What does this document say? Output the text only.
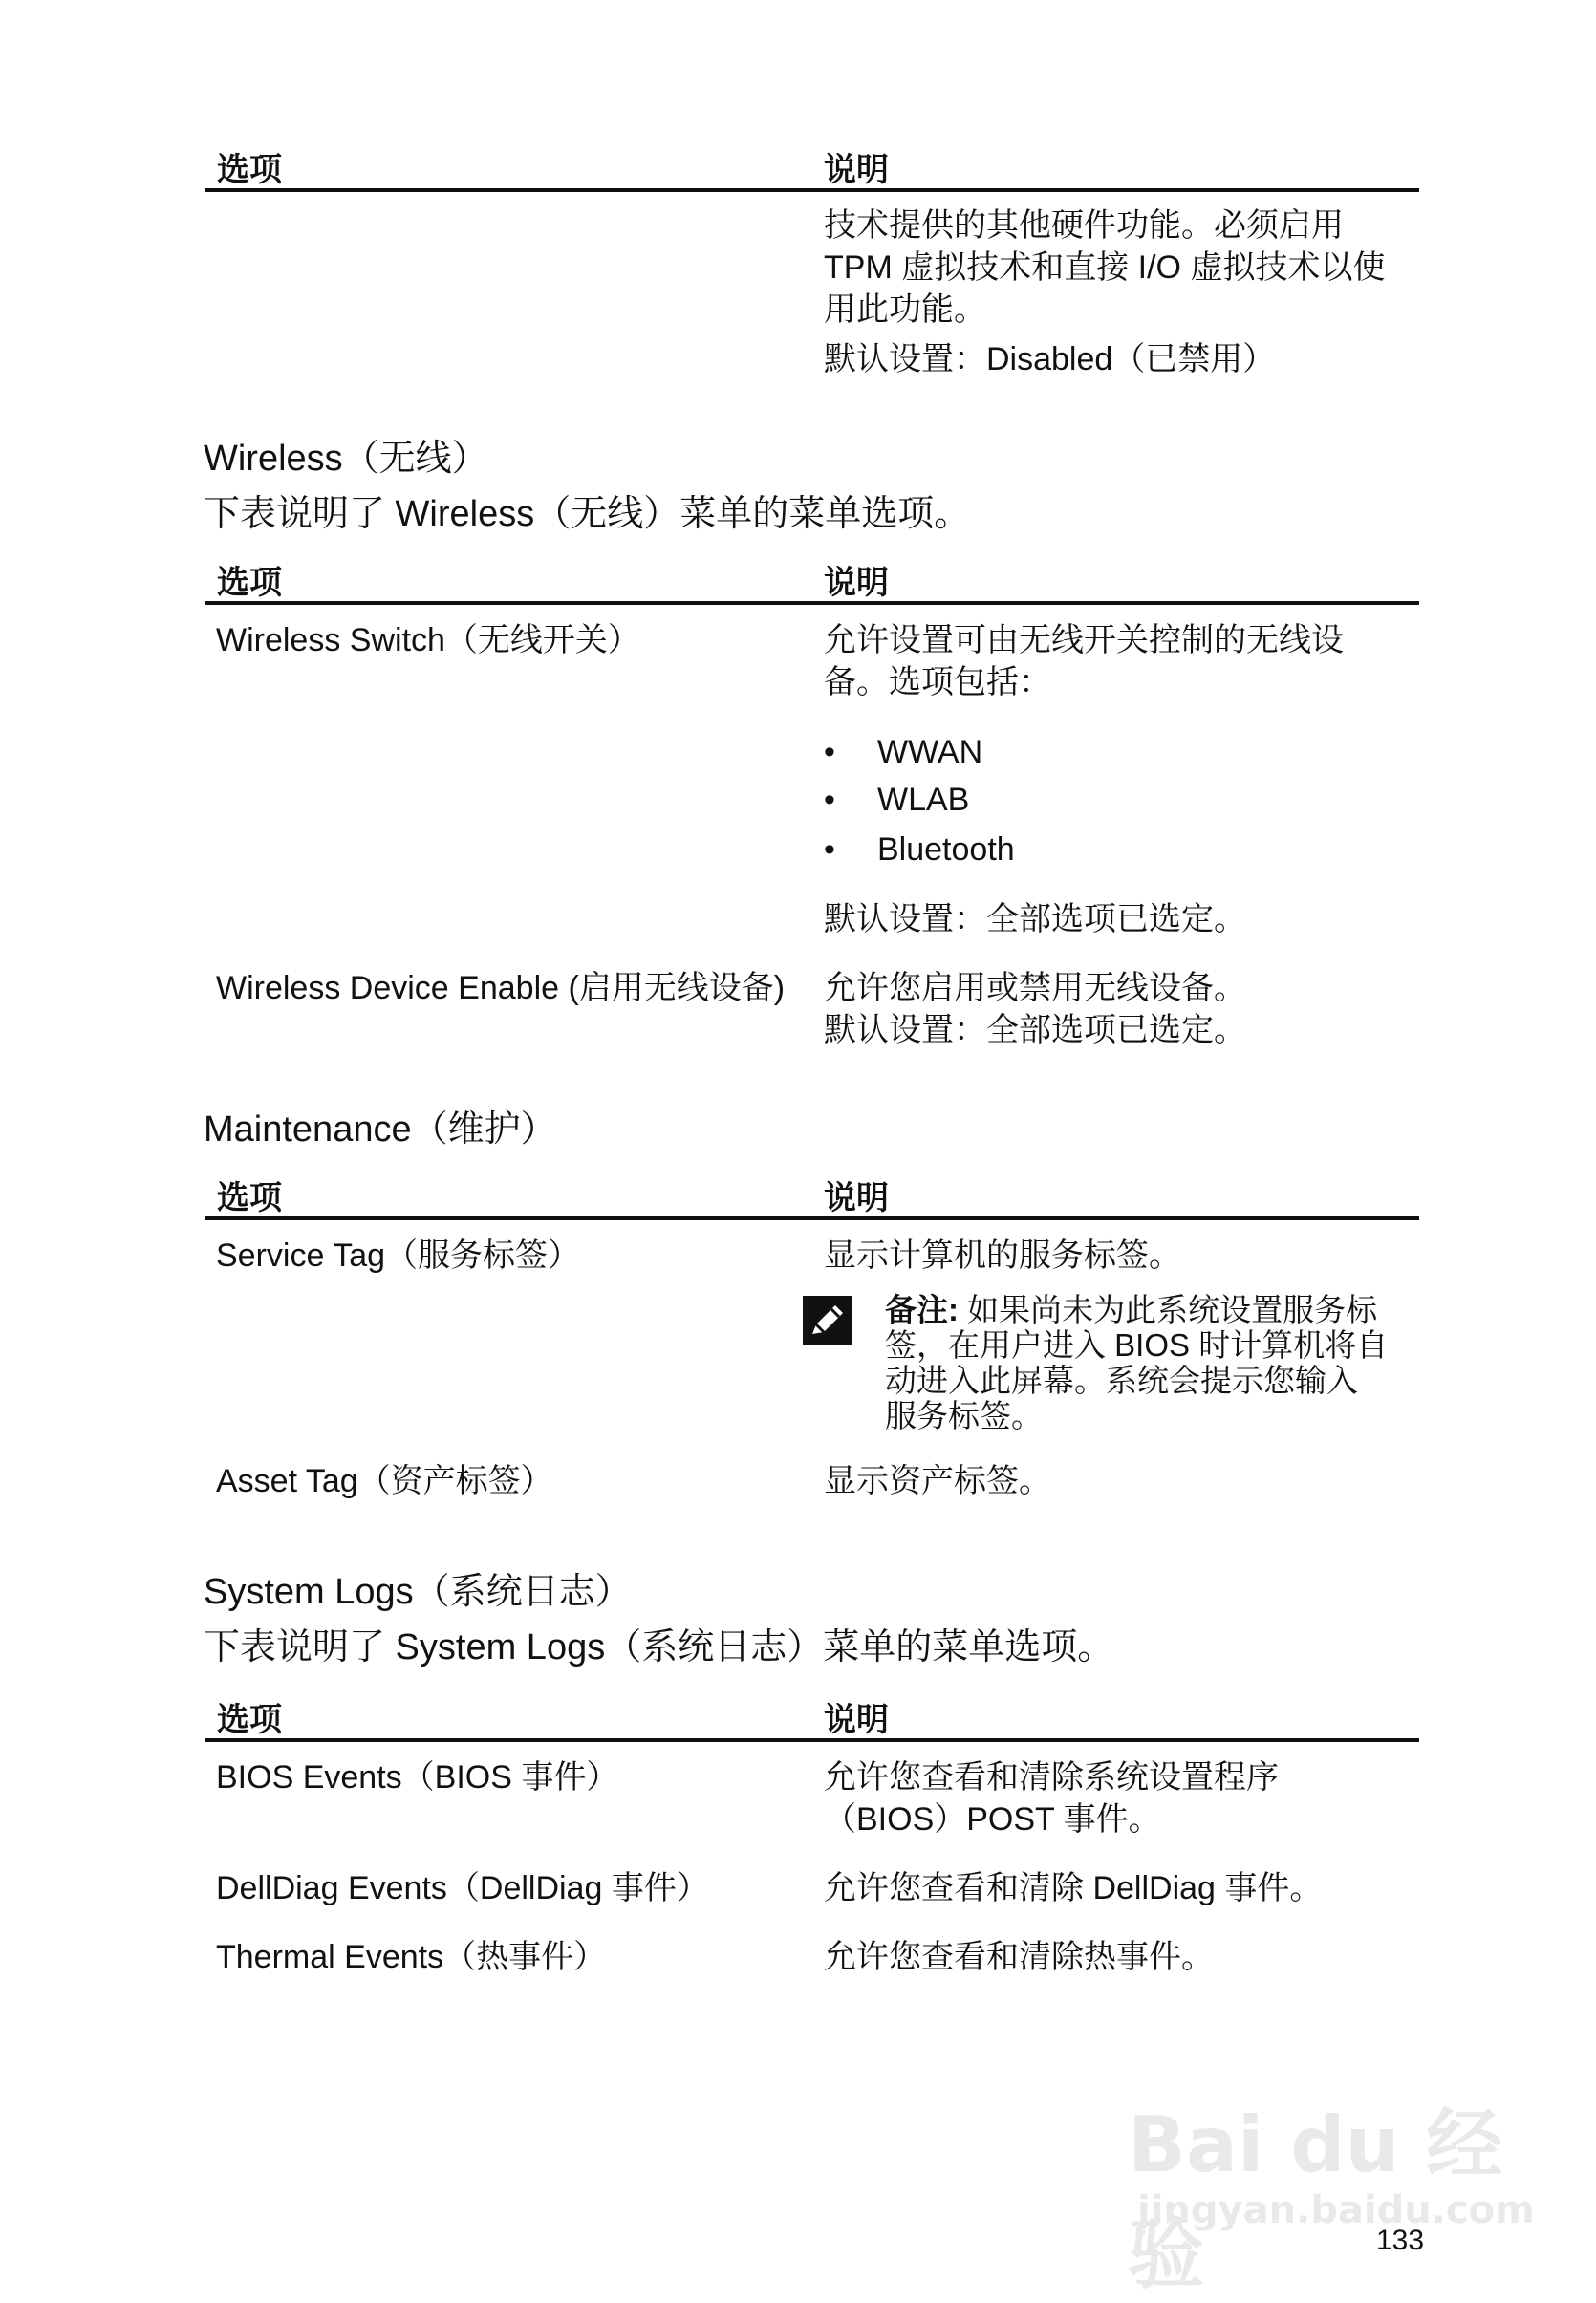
选项	说明
技术提供的其他硬件功能。必须启用
TPM 虚拟技术和直接 I/O 虚拟技术以使
用此功能。
默认设置：Disabled（已禁用）
Wireless（无线）
下表说明了 Wireless（无线）菜单的菜单选项。
选项	说明
Wireless Switch（无线开关）	允许设置可由无线开关控制的无线设
备。选项包括：
• WWAN
• WLAB
• Bluetooth
默认设置：全部选项已选定。
Wireless Device Enable (启用无线设备) 允许您启用或禁用无线设备。
默认设置：全部选项已选定。
Maintenance（维护）
选项	说明
Service Tag（服务标签）	显示计算机的服务标签。
备注: 如果尚未为此系统设置服务标
签，在用户进入 BIOS 时计算机将自
动进入此屏幕。系统会提示您输入
服务标签。
Asset Tag（资产标签）	显示资产标签。
System Logs（系统日志）
下表说明了 System Logs（系统日志）菜单的菜单选项。
选项	说明
BIOS Events（BIOS 事件）	允许您查看和清除系统设置程序
（BIOS）POST 事件。
DellDiag Events（DellDiag 事件）	允许您查看和清除 DellDiag 事件。
Thermal Events（热事件）	允许您查看和清除热事件。
Bai du 经验
jingyan.baidu.com
133
